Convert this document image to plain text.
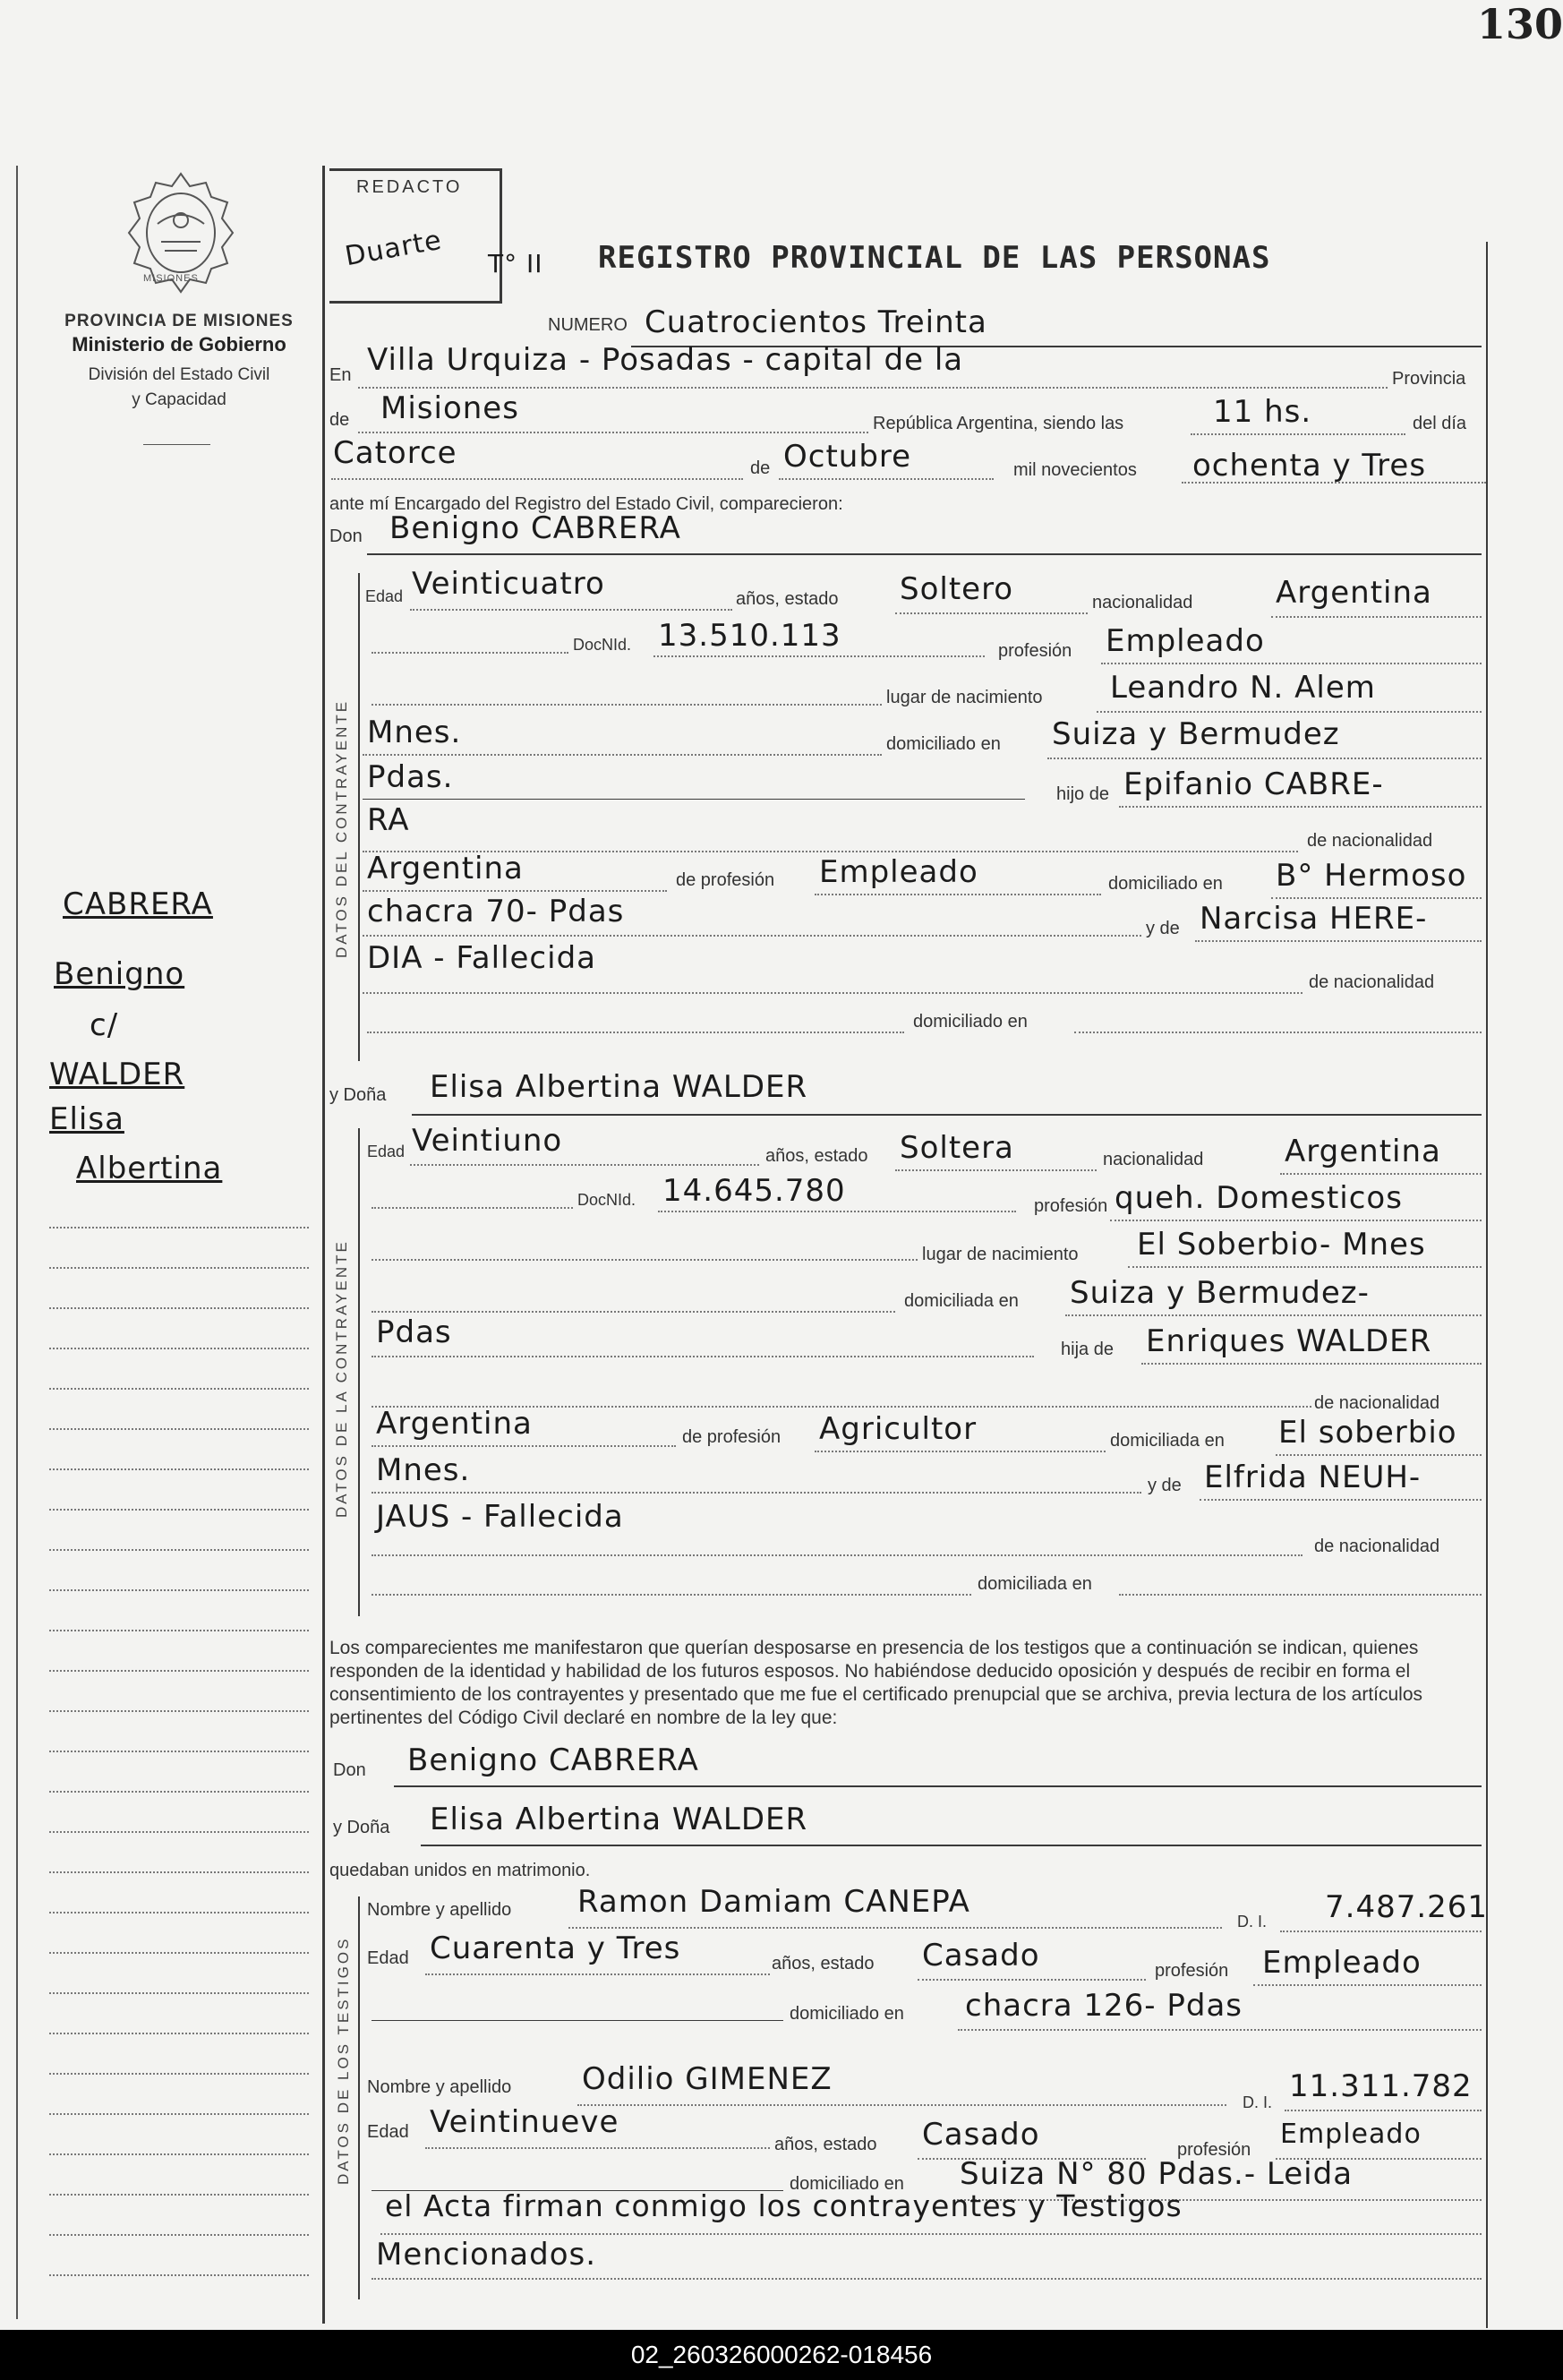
130
MISIONES
PROVINCIA DE MISIONES
Ministerio de Gobierno
División del Estado Civil
y Capacidad
CABRERA
Benigno
c/
WALDER
Elisa
Albertina
REDACTO
Duarte T° II REGISTRO PROVINCIAL DE LAS PERSONAS
NUMERO Cuatrocientos Treinta
En Villa Urquiza - Posadas - capital de la
Provincia
de Misiones	República Argentina, siendo las	11 hs.	del día
Catorce	de Octubre	mil novecientos ochenta y Tres
ante mí Encargado del Registro del Estado Civil, comparecieron:
Don Benigno CABRERA
DATOS DEL CONTRAYENTE
Edad Veinticuatro	años, estado Soltero	nacionalidad	Argentina
DocNId. 13.510.113	profesión Empleado
lugar de nacimiento Leandro N. Alem
Mnes.	domiciliado en Suiza y Bermudez
Pdas.	hijo de Epifanio CABRE-
RA
de nacionalidad
Argentina	de profesión Empleado	domiciliado en B° Hermoso
chacra 70- Pdas	y de Narcisa HERE-
DIA - Fallecida
de nacionalidad
domiciliado en
y Doña Elisa Albertina WALDER
DATOS DE LA CONTRAYENTE
Edad Veintiuno	años, estado Soltera	nacionalidad	Argentina
DocNId. 14.645.780	profesión queh. Domesticos
lugar de nacimiento El Soberbio- Mnes
domiciliada en Suiza y Bermudez-
Pdas	hija de Enriques WALDER
de nacionalidad
Argentina	de profesión Agricultor	domiciliada en El soberbio
Mnes.	y de Elfrida NEUH-
JAUS - Fallecida
de nacionalidad
domiciliada en
Los comparecientes me manifestaron que querían desposarse en presencia de los testigos que a continuación se indican, quienes responden de la identidad y habilidad de los futuros esposos. No habiéndose deducido oposición y después de recibir en forma el consentimiento de los contrayentes y presentado que me fue el certificado prenupcial que se archiva, previa lectura de los artículos pertinentes del Código Civil declaré en nombre de la ley que:
Don Benigno CABRERA
y Doña Elisa Albertina WALDER
quedaban unidos en matrimonio.
DATOS DE LOS TESTIGOS
Nombre y apellido Ramon Damiam CANEPA
D. I. 7.487.261
Edad Cuarenta y Tres	años, estado Casado	profesión Empleado
domiciliado en chacra 126- Pdas
Nombre y apellido Odilio GIMENEZ
D. I. 11.311.782
Edad Veintinueve
años, estado Casado	profesión Empleado
domiciliado en Suiza N° 80 Pdas.- Leida
el Acta firman conmigo los contrayentes y Testigos
Mencionados.
02_260326000262-018456
